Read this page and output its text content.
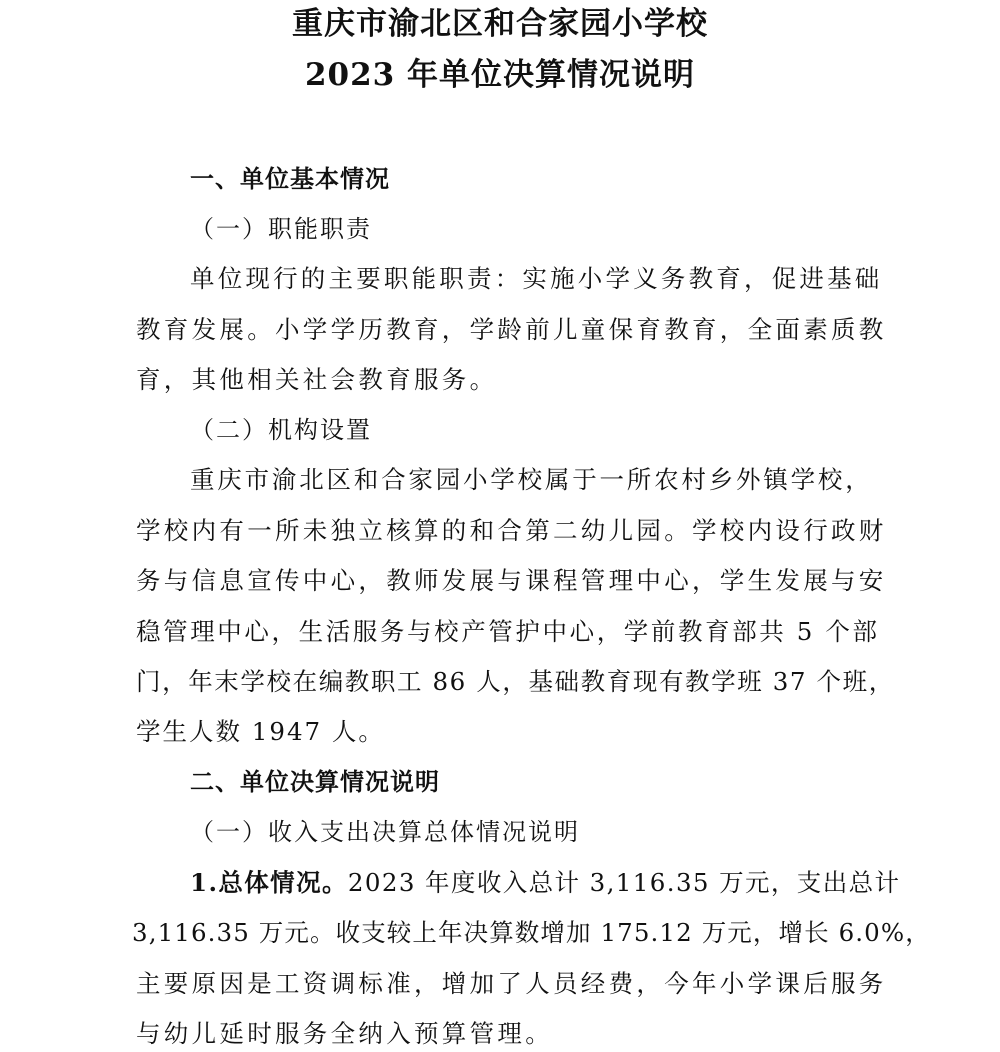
重庆市渝北区和合家园小学校
2023 年单位决算情况说明
一、单位基本情况
（一）职能职责
单位现行的主要职能职责：实施小学义务教育，促进基础
教育发展。小学学历教育，学龄前儿童保育教育，全面素质教
育，其他相关社会教育服务。
（二）机构设置
重庆市渝北区和合家园小学校属于一所农村乡外镇学校，
学校内有一所未独立核算的和合第二幼儿园。学校内设行政财
务与信息宣传中心，教师发展与课程管理中心，学生发展与安
稳管理中心，生活服务与校产管护中心，学前教育部共 5 个部
门，年末学校在编教职工 86 人，基础教育现有教学班 37 个班，
学生人数 1947 人。
二、单位决算情况说明
（一）收入支出决算总体情况说明
1.总体情况。2023 年度收入总计 3,116.35 万元，支出总计
3,116.35 万元。收支较上年决算数增加 175.12 万元，增长 6.0%，
主要原因是工资调标准，增加了人员经费，今年小学课后服务
与幼儿延时服务全纳入预算管理。
